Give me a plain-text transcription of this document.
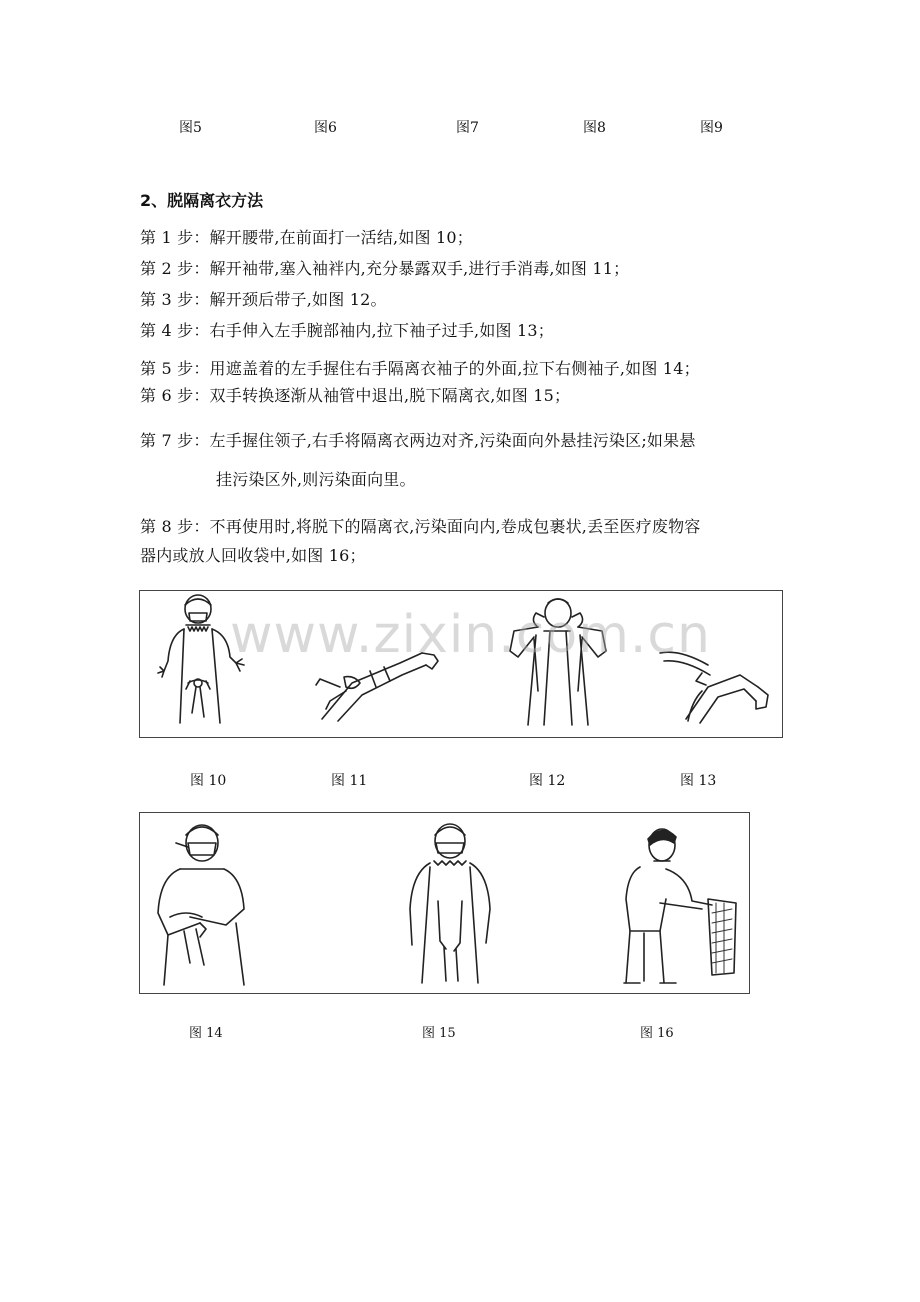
图5	图6	图7	图8	图9
2、脱隔离衣方法
第 1 步：解开腰带,在前面打一活结,如图 10；
第 2 步：解开袖带,塞入袖袢内,充分暴露双手,进行手消毒,如图 11；
第 3 步：解开颈后带子,如图 12。
第 4 步：右手伸入左手腕部袖内,拉下袖子过手,如图 13；
第 5 步：用遮盖着的左手握住右手隔离衣袖子的外面,拉下右侧袖子,如图 14；
第 6 步：双手转换逐渐从袖管中退出,脱下隔离衣,如图 15；
第 7 步：左手握住领子,右手将隔离衣两边对齐,污染面向外悬挂污染区;如果悬
挂污染区外,则污染面向里。
第 8 步：不再使用时,将脱下的隔离衣,污染面向内,卷成包裹状,丢至医疗废物容
器内或放人回收袋中,如图 16；
www.zixin.com.cn
图 10	图 11	图 12	图 13
图 14	图 15	图 16
